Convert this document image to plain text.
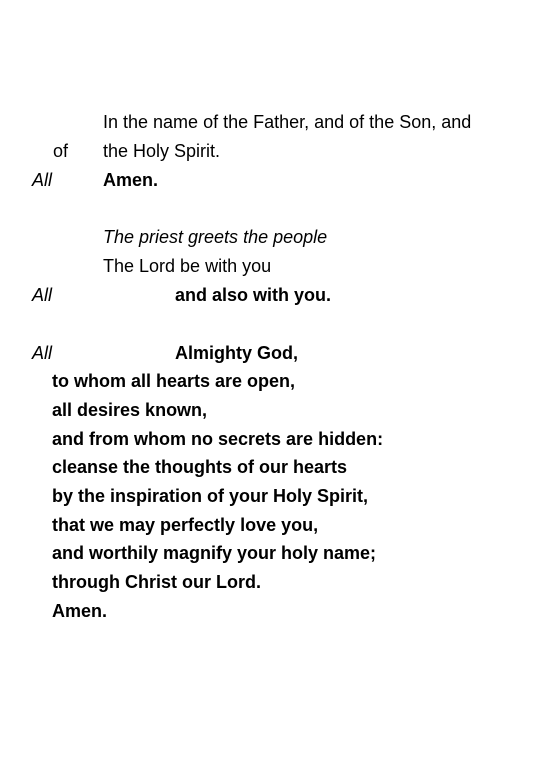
In the name of the Father, and of the Son, and
of the Holy Spirit.
All	Amen.
The priest greets the people
The Lord be with you
All	and also with you.
All	Almighty God,
to whom all hearts are open,
all desires known,
and from whom no secrets are hidden:
cleanse the thoughts of our hearts
by the inspiration of your Holy Spirit,
that we may perfectly love you,
and worthily magnify your holy name;
through Christ our Lord.
Amen.
